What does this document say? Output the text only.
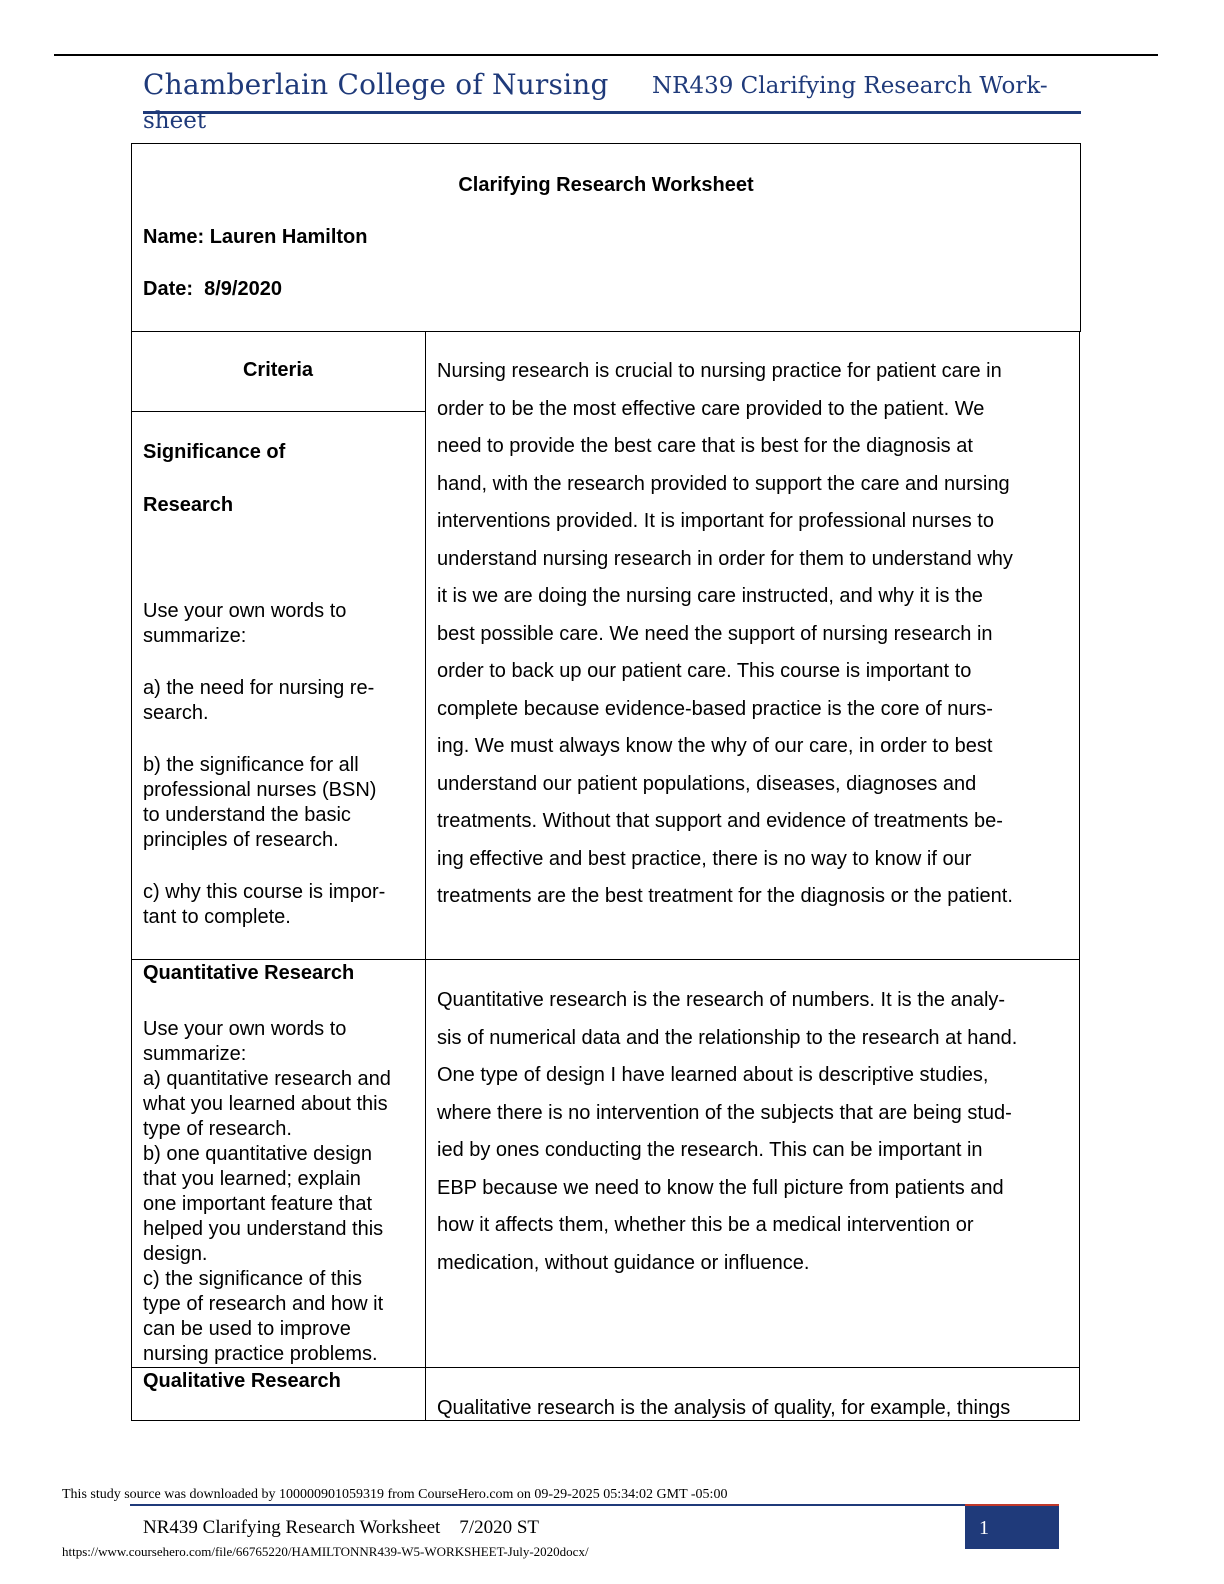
Chamberlain College of Nursing NR439 Clarifying Research Work-
sheet
Clarifying Research Worksheet
Name: Lauren Hamilton
Date:  8/9/2020
Criteria
Significance of
Research
Use your own words to
summarize:
a) the need for nursing re-
search.
b) the significance for all
professional nurses (BSN)
to understand the basic
principles of research.
c) why this course is impor-
tant to complete.
Nursing research is crucial to nursing practice for patient care in
order to be the most effective care provided to the patient. We
need to provide the best care that is best for the diagnosis at
hand, with the research provided to support the care and nursing
interventions provided. It is important for professional nurses to
understand nursing research in order for them to understand why
it is we are doing the nursing care instructed, and why it is the
best possible care. We need the support of nursing research in
order to back up our patient care. This course is important to
complete because evidence-based practice is the core of nurs-
ing. We must always know the why of our care, in order to best
understand our patient populations, diseases, diagnoses and
treatments. Without that support and evidence of treatments be-
ing effective and best practice, there is no way to know if our
treatments are the best treatment for the diagnosis or the patient.
Quantitative Research
Use your own words to
summarize:
a) quantitative research and
what you learned about this
type of research.
b) one quantitative design
that you learned; explain
one important feature that
helped you understand this
design.
c) the significance of this
type of research and how it
can be used to improve
nursing practice problems.
Quantitative research is the research of numbers. It is the analy-
sis of numerical data and the relationship to the research at hand.
One type of design I have learned about is descriptive studies,
where there is no intervention of the subjects that are being stud-
ied by ones conducting the research. This can be important in
EBP because we need to know the full picture from patients and
how it affects them, whether this be a medical intervention or
medication, without guidance or influence.
Qualitative Research
Qualitative research is the analysis of quality, for example, things
This study source was downloaded by 100000901059319 from CourseHero.com on 09-29-2025 05:34:02 GMT -05:00
NR439 Clarifying Research Worksheet    7/2020 ST	1
https://www.coursehero.com/file/66765220/HAMILTONNR439-W5-WORKSHEET-July-2020docx/
